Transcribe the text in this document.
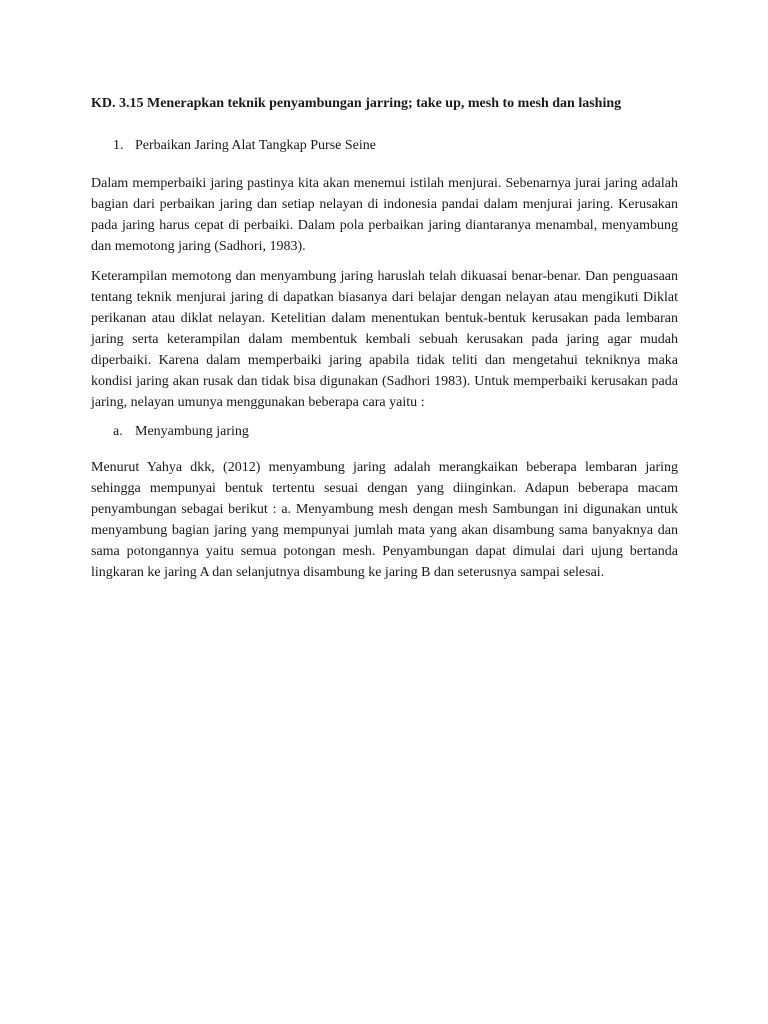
KD. 3.15 Menerapkan teknik penyambungan jarring; take up, mesh to mesh dan lashing
1. Perbaikan Jaring Alat Tangkap Purse Seine

Dalam memperbaiki jaring pastinya kita akan menemui istilah menjurai. Sebenarnya jurai jaring adalah bagian dari perbaikan jaring dan setiap nelayan di indonesia pandai dalam menjurai jaring. Kerusakan pada jaring harus cepat di perbaiki. Dalam pola perbaikan jaring diantaranya menambal, menyambung dan memotong jaring (Sadhori, 1983).

Keterampilan memotong dan menyambung jaring haruslah telah dikuasai benar-benar. Dan penguasaan tentang teknik menjurai jaring di dapatkan biasanya dari belajar dengan nelayan atau mengikuti Diklat perikanan atau diklat nelayan. Ketelitian dalam menentukan bentuk-bentuk kerusakan pada lembaran jaring serta keterampilan dalam membentuk kembali sebuah kerusakan pada jaring agar mudah diperbaiki. Karena dalam memperbaiki jaring apabila tidak teliti dan mengetahui tekniknya maka kondisi jaring akan rusak dan tidak bisa digunakan (Sadhori 1983). Untuk memperbaiki kerusakan pada jaring, nelayan umunya menggunakan beberapa cara yaitu :

a. Menyambung jaring

Menurut Yahya dkk, (2012) menyambung jaring adalah merangkaikan beberapa lembaran jaring sehingga mempunyai bentuk tertentu sesuai dengan yang diinginkan. Adapun beberapa macam penyambungan sebagai berikut : a. Menyambung mesh dengan mesh Sambungan ini digunakan untuk menyambung bagian jaring yang mempunyai jumlah mata yang akan disambung sama banyaknya dan sama potongannya yaitu semua potongan mesh. Penyambungan dapat dimulai dari ujung bertanda lingkaran ke jaring A dan selanjutnya disambung ke jaring B dan seterusnya sampai selesai.
